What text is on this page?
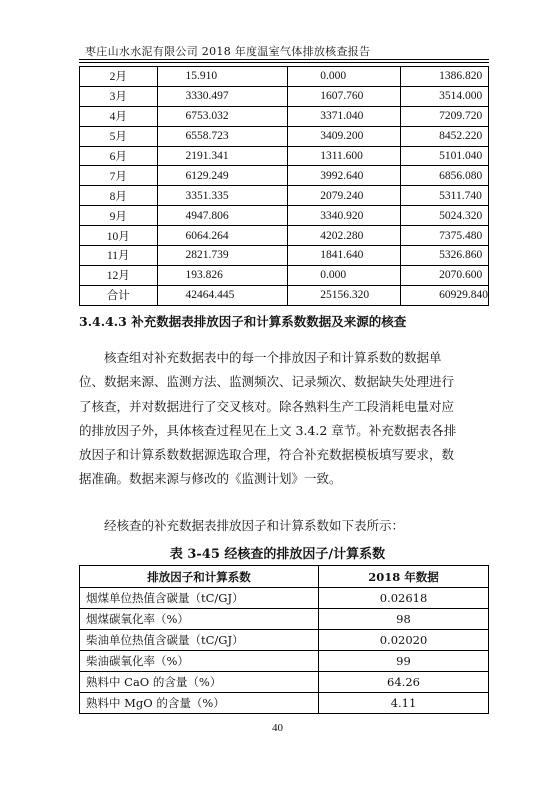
枣庄山水水泥有限公司 2018 年度温室气体排放核查报告
2月	15.910	0.000	1386.820
3月	3330.497	1607.760	3514.000
4月	6753.032	3371.040	7209.720
5月	6558.723	3409.200	8452.220
6月	2191.341	1311.600	5101.040
7月	6129.249	3992.640	6856.080
8月	3351.335	2079.240	5311.740
9月	4947.806	3340.920	5024.320
10月	6064.264	4202.280	7375.480
11月	2821.739	1841.640	5326.860
12月	193.826	0.000	2070.600
合计	42464.445	25156.320	60929.840
3.4.4.3 补充数据表排放因子和计算系数数据及来源的核查
　　核查组对补充数据表中的每一个排放因子和计算系数的数据单
位、数据来源、监测方法、监测频次、记录频次、数据缺失处理进行
了核查，并对数据进行了交叉核对。除各熟料生产工段消耗电量对应
的排放因子外，具体核查过程见在上文 3.4.2 章节。补充数据表各排
放因子和计算系数数据源选取合理，符合补充数据模板填写要求，数
据准确。数据来源与修改的《监测计划》一致。
　　经核查的补充数据表排放因子和计算系数如下表所示：
表 3-45 经核查的排放因子/计算系数
排放因子和计算系数	2018 年数据
烟煤单位热值含碳量（tC/GJ）	0.02618
烟煤碳氧化率（%）	98
柴油单位热值含碳量（tC/GJ）	0.02020
柴油碳氧化率（%）	99
熟料中 CaO 的含量（%）	64.26
熟料中 MgO 的含量（%）	4.11
40
